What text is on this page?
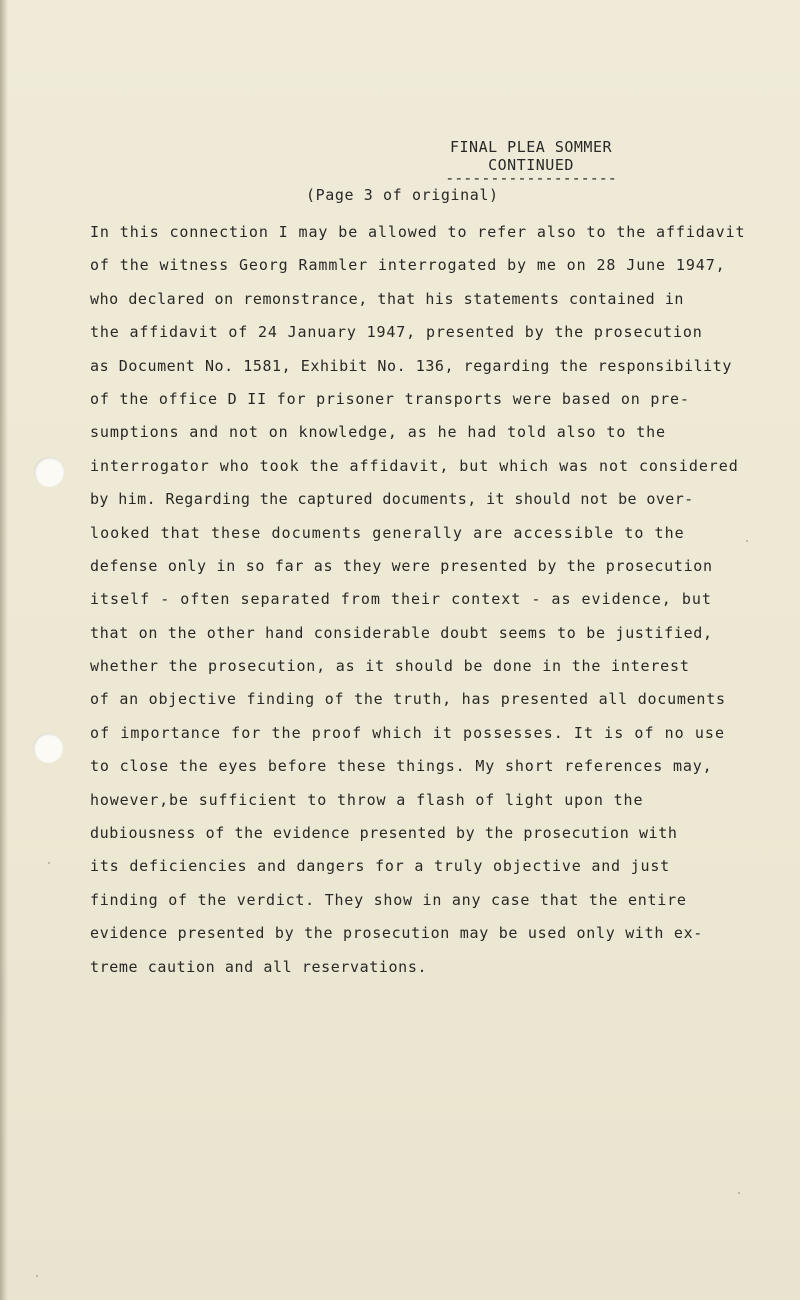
FINAL PLEA SOMMER
CONTINUED
-------------------
(Page 3 of original)
In this connection I may be allowed to refer also to the affidavit
of the witness Georg Rammler interrogated by me on 28 June 1947,
who declared on remonstrance, that his statements contained in
the affidavit of 24 January 1947, presented by the prosecution
as Document No. 1581, Exhibit No. 136, regarding the responsibility
of the office D II for prisoner transports were based on pre-
sumptions and not on knowledge, as he had told also to the
interrogator who took the affidavit, but which was not considered
by him. Regarding the captured documents, it should not be over-
looked that these documents generally are accessible to the
defense only in so far as they were presented by the prosecution
itself - often separated from their context - as evidence, but
that on the other hand considerable doubt seems to be justified,
whether the prosecution, as it should be done in the interest
of an objective finding of the truth, has presented all documents
of importance for the proof which it possesses. It is of no use
to close the eyes before these things. My short references may,
however,be sufficient to throw a flash of light upon the
dubiousness of the evidence presented by the prosecution with
its deficiencies and dangers for a truly objective and just
finding of the verdict. They show in any case that the entire
evidence presented by the prosecution may be used only with ex-
treme caution and all reservations.
